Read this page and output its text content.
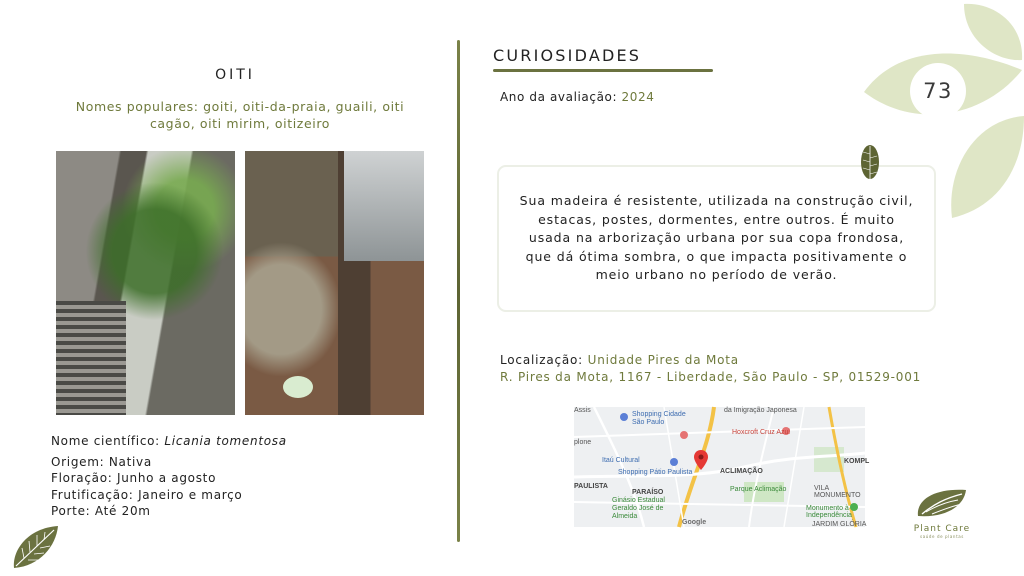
OITI
Nomes populares: goiti, oiti-da-praia, guaili, oiti cagão, oiti mirim, oitizeiro
Nome científico: Licania tomentosa
Origem: Nativa
Floração: Junho a agosto
Frutificação: Janeiro e março
Porte: Até 20m
CURIOSIDADES
Ano da avaliação: 2024	73

Sua madeira é resistente, utilizada na construção civil, estacas, postes, dormentes, entre outros. É muito usada na arborização urbana por sua copa frondosa, que dá ótima sombra, o que impacta positivamente o meio urbano no período de verão.

Localização: Unidade Pires da Mota
R. Pires da Mota, 1167 - Liberdade, São Paulo - SP, 01529-001
Assis
Shopping Cidade São Paulo
da Imigração Japonesa
plone
Hoxcroft Cruz Azul
Itaú Cultural
Shopping Pátio Paulista	ACLIMAÇÃO
KOMPL
PAULISTA
PARAÍSO	Parque Aclimação	VILA MONUMENTO
Ginásio Estadual Geraldo José de Almeida
Monumento à Independência
JARDIM GLÓRIA
Google
Plant Care
saúde de plantas
